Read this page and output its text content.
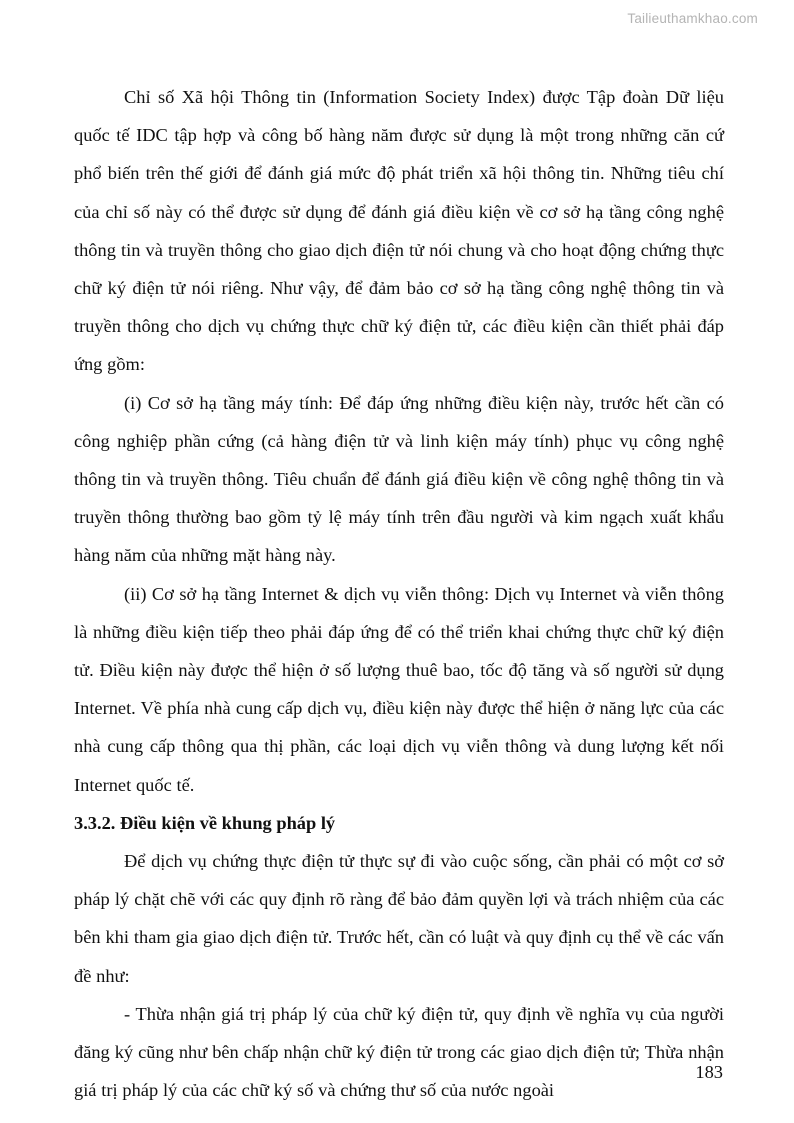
Tailieuthamkhao.com

Chỉ số Xã hội Thông tin (Information Society Index) được Tập đoàn Dữ liệu quốc tế IDC tập hợp và công bố hàng năm được sử dụng là một trong những căn cứ phổ biến trên thế giới để đánh giá mức độ phát triển xã hội thông tin. Những tiêu chí của chỉ số này có thể được sử dụng để đánh giá điều kiện về cơ sở hạ tầng công nghệ thông tin và truyền thông cho giao dịch điện tử nói chung và cho hoạt động chứng thực chữ ký điện tử nói riêng. Như vậy, để đảm bảo cơ sở hạ tầng công nghệ thông tin và truyền thông cho dịch vụ chứng thực chữ ký điện tử, các điều kiện cần thiết phải đáp ứng gồm:

(i) Cơ sở hạ tầng máy tính: Để đáp ứng những điều kiện này, trước hết cần có công nghiệp phần cứng (cả hàng điện tử và linh kiện máy tính) phục vụ công nghệ thông tin và truyền thông. Tiêu chuẩn để đánh giá điều kiện về công nghệ thông tin và truyền thông thường bao gồm tỷ lệ máy tính trên đầu người và kim ngạch xuất khẩu hàng năm của những mặt hàng này.

(ii) Cơ sở hạ tầng Internet & dịch vụ viễn thông: Dịch vụ Internet và viễn thông là những điều kiện tiếp theo phải đáp ứng để có thể triển khai chứng thực chữ ký điện tử. Điều kiện này được thể hiện ở số lượng thuê bao, tốc độ tăng và số người sử dụng Internet. Về phía nhà cung cấp dịch vụ, điều kiện này được thể hiện ở năng lực của các nhà cung cấp thông qua thị phần, các loại dịch vụ viễn thông và dung lượng kết nối Internet quốc tế.

3.3.2. Điều kiện về khung pháp lý

Để dịch vụ chứng thực điện tử thực sự đi vào cuộc sống, cần phải có một cơ sở pháp lý chặt chẽ với các quy định rõ ràng để bảo đảm quyền lợi và trách nhiệm của các bên khi tham gia giao dịch điện tử. Trước hết, cần có luật và quy định cụ thể về các vấn đề như:

- Thừa nhận giá trị pháp lý của chữ ký điện tử, quy định về nghĩa vụ của người đăng ký cũng như bên chấp nhận chữ ký điện tử trong các giao dịch điện tử; Thừa nhận giá trị pháp lý của các chữ ký số và chứng thư số của nước ngoài

183
